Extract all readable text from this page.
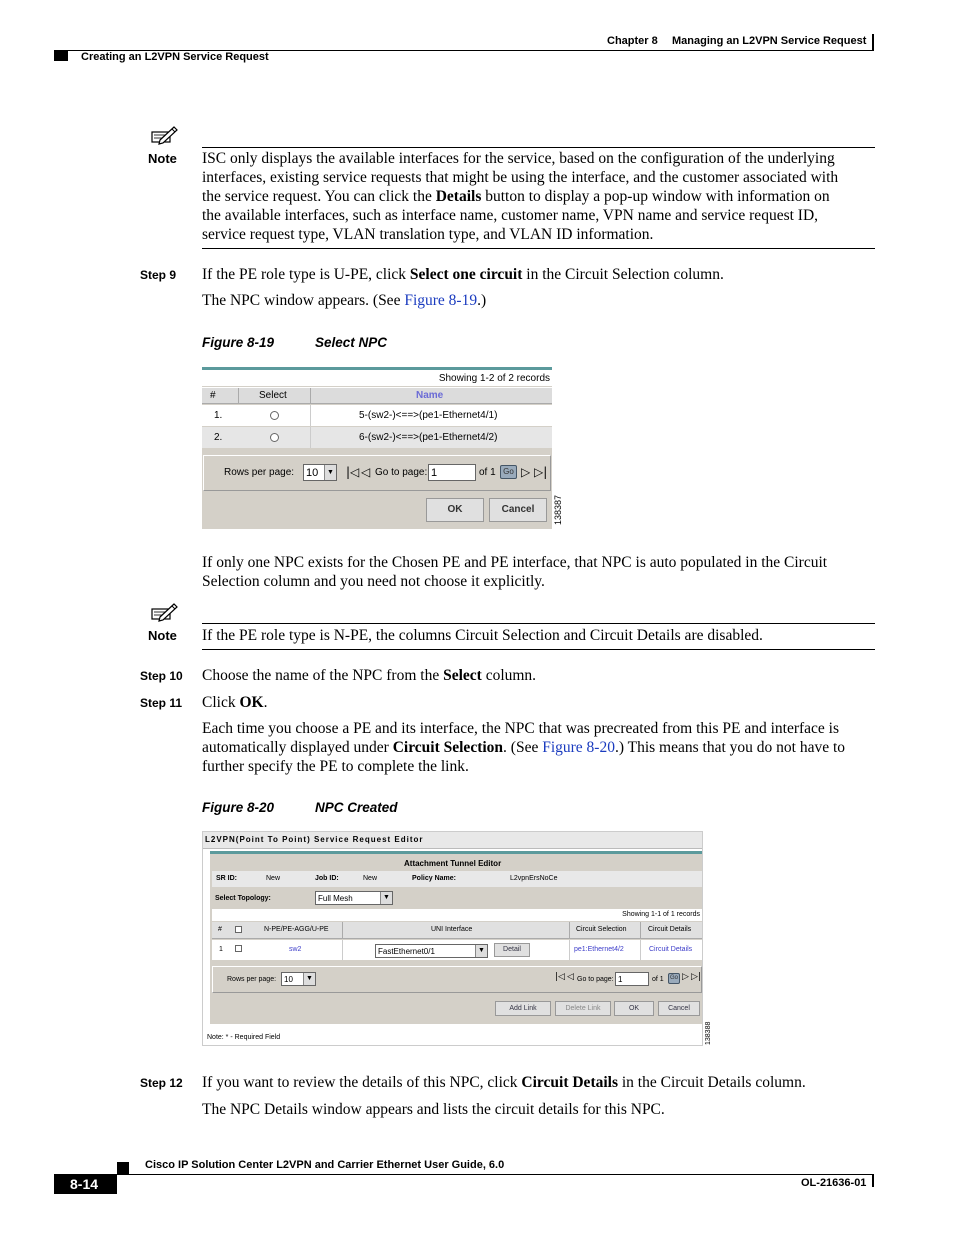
Chapter 8 Managing an L2VPN Service Request
Creating an L2VPN Service Request
Note ISC only displays the available interfaces for the service, based on the configuration of the underlying
interfaces, existing service requests that might be using the interface, and the customer associated with
the service request. You can click the Details button to display a pop-up window with information on
the available interfaces, such as interface name, customer name, VPN name and service request ID,
service request type, VLAN translation type, and VLAN ID information.
Step 9 If the PE role type is U-PE, click Select one circuit in the Circuit Selection column.
The NPC window appears. (See Figure 8-19.)
Figure 8-19	Select NPC
Showing 1-2 of 2 records
#	Select	Name
1.	5-(sw2-)<==>(pe1-Ethernet4/1)
2.	6-(sw2-)<==>(pe1-Ethernet4/2)
Rows per page: 10	▼ |◁ ◁ Go to page: 1	of 1 Go ▷ ▷|
OK	Cancel	138387
If only one NPC exists for the Chosen PE and PE interface, that NPC is auto populated in the Circuit
Selection column and you need not choose it explicitly.
Note If the PE role type is N-PE, the columns Circuit Selection and Circuit Details are disabled.
Step 10 Choose the name of the NPC from the Select column.
Step 11 Click OK.
Each time you choose a PE and its interface, the NPC that was precreated from this PE and interface is
automatically displayed under Circuit Selection. (See Figure 8-20.) This means that you do not have to
further specify the PE to complete the link.
Figure 8-20	NPC Created
L2VPN(Point To Point) Service Request Editor
Attachment Tunnel Editor
SR ID:	New	Job ID:	New	Policy Name:	L2vpnErsNoCe
Select Topology:	Full Mesh	▼
Showing 1-1 of 1 records
#	N-PE/PE-AGG/U-PE	UNI Interface	Circuit Selection	Circuit Details
1	sw2	FastEthernet0/1	▼	Detail	pe1:Ethernet4/2	Circuit Details
Rows per page: 10	▼	|◁ ◁ Go to page: 1	of 1	Go ▷ ▷|
Add Link	Delete Link	OK	Cancel
Note: * - Required Field	138388
Step 12 If you want to review the details of this NPC, click Circuit Details in the Circuit Details column.
The NPC Details window appears and lists the circuit details for this NPC.
Cisco IP Solution Center L2VPN and Carrier Ethernet User Guide, 6.0
8-14	OL-21636-01
